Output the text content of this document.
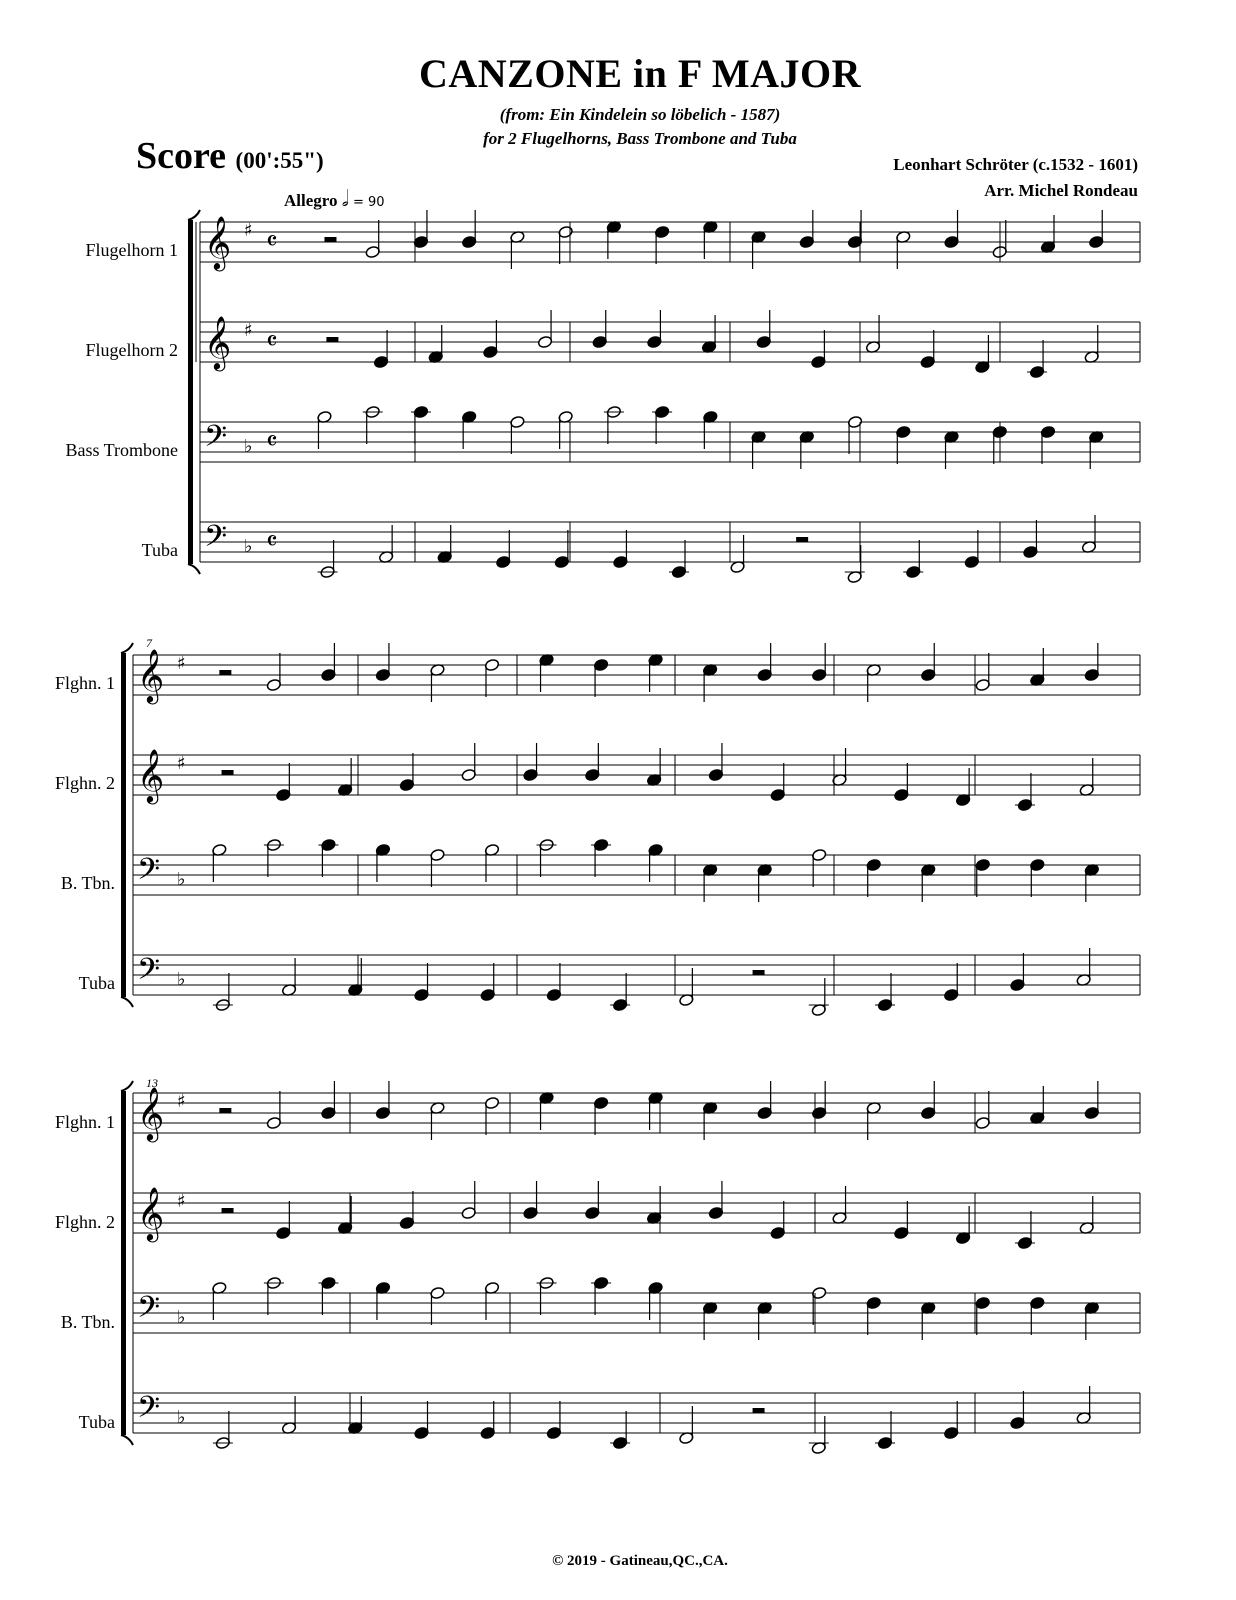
CANZONE in F MAJOR
(from: Ein Kindelein so löbelich - 1587)
for 2 Flugelhorns, Bass Trombone and Tuba
Score (00':55")	Leonhart Schröter (c.1532 - 1601)
Arr. Michel Rondeau
Allegro 𝅗𝅥 = 90
Flugelhorn 1
Flugelhorn 2
Bass Trombone
Tuba
7
Flghn. 1
Flghn. 2
B. Tbn.
Tuba
13
Flghn. 1
Flghn. 2
B. Tbn.
Tuba
© 2019 - Gatineau,QC.,CA.
𝄞 ♯ 𝄴
𝄞 ♯ 𝄴
𝄢 ♭ 𝄴
𝄢 ♭ 𝄴
𝄞 ♯
𝄞 ♯
𝄢 ♭
𝄢 ♭
𝄞 ♯
𝄞 ♯
𝄢 ♭
𝄢 ♭
